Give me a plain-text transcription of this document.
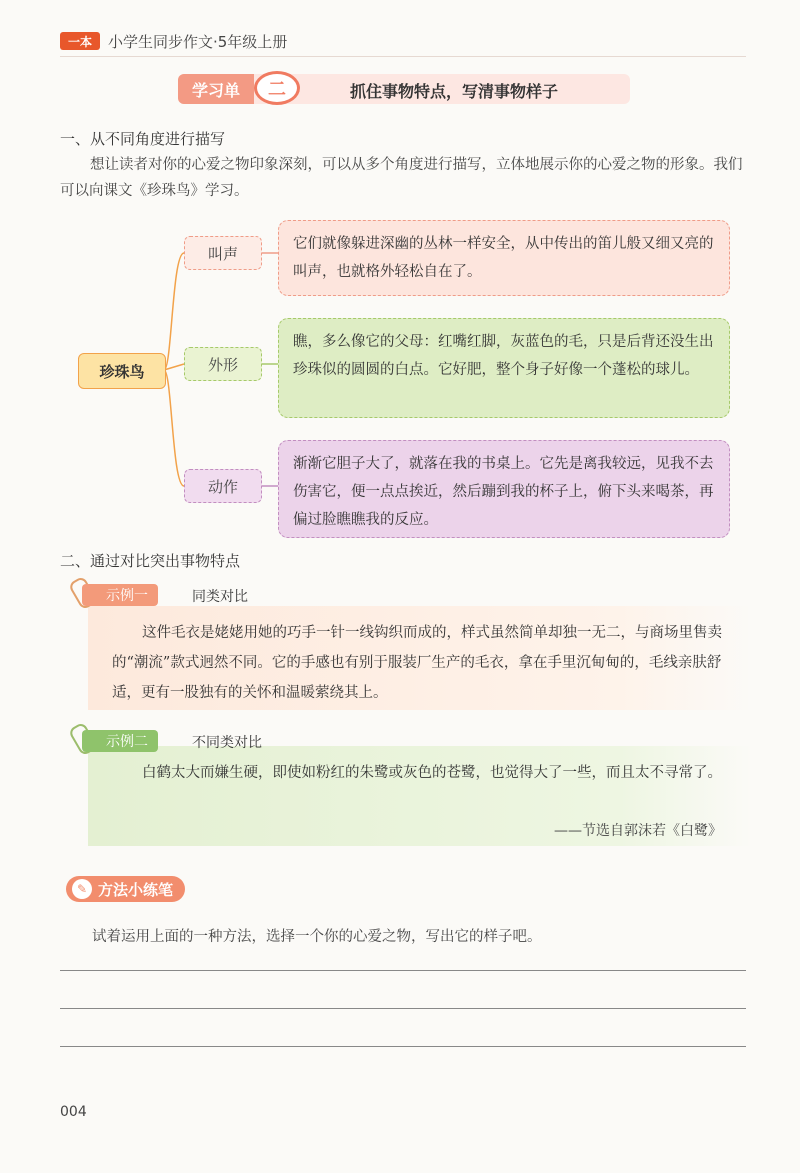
一本	小学生同步作文·5年级上册
学习单	二	抓住事物特点，写清事物样子
一、从不同角度进行描写
想让读者对你的心爱之物印象深刻，可以从多个角度进行描写，立体地展示你的心爱之物的形象。我们可以向课文《珍珠鸟》学习。
珍珠鸟
叫声
外形
动作
它们就像躲进深幽的丛林一样安全，从中传出的笛儿般又细又亮的叫声，也就格外轻松自在了。
瞧，多么像它的父母：红嘴红脚，灰蓝色的毛，只是后背还没生出珍珠似的圆圆的白点。它好肥，整个身子好像一个蓬松的球儿。
渐渐它胆子大了，就落在我的书桌上。它先是离我较远，见我不去伤害它，便一点点挨近，然后蹦到我的杯子上，俯下头来喝茶，再偏过脸瞧瞧我的反应。
二、通过对比突出事物特点
这件毛衣是姥姥用她的巧手一针一线钩织而成的，样式虽然简单却独一无二，与商场里售卖的“潮流”款式迥然不同。它的手感也有别于服装厂生产的毛衣，拿在手里沉甸甸的，毛线亲肤舒适，更有一股独有的关怀和温暖萦绕其上。
示例一	同类对比
白鹤太大而嫌生硬，即使如粉红的朱鹭或灰色的苍鹭，也觉得大了一些，而且太不寻常了。
示例二	不同类对比
——节选自郭沫若《白鹭》
✎ 方法小练笔
试着运用上面的一种方法，选择一个你的心爱之物，写出它的样子吧。
004
